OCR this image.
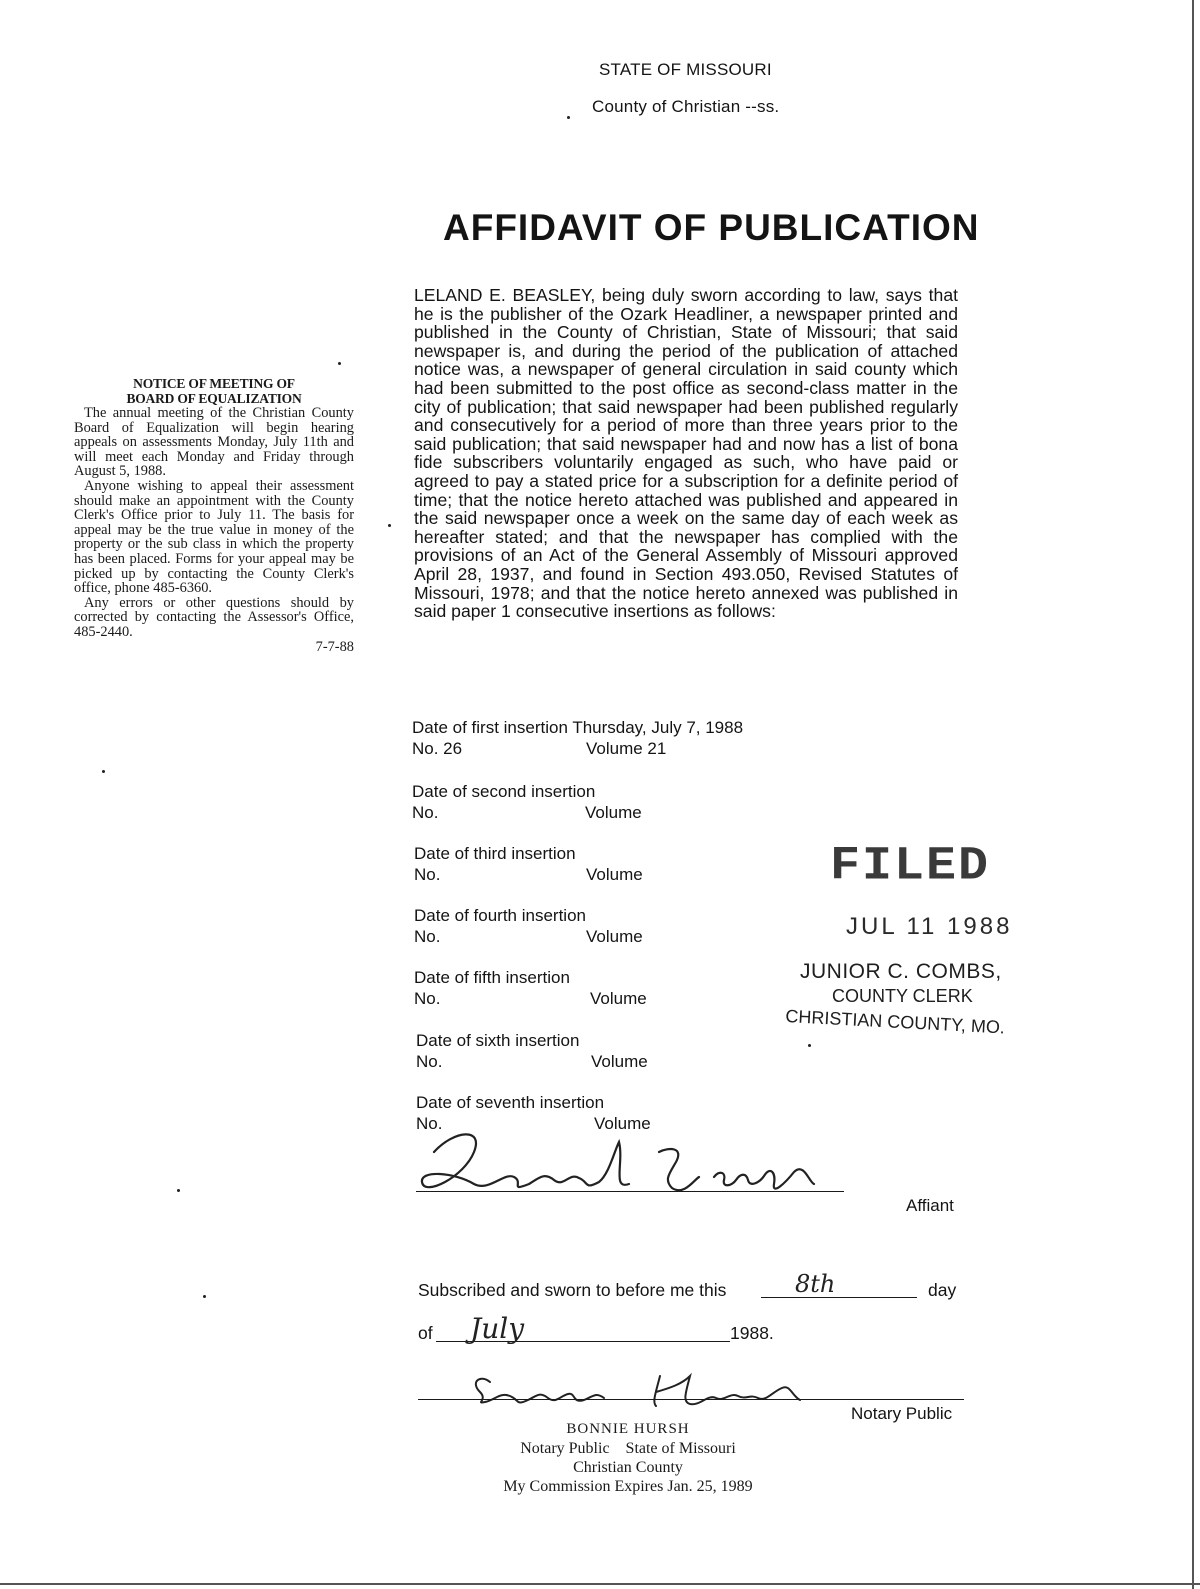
STATE OF MISSOURI
County of Christian --ss.
AFFIDAVIT OF PUBLICATION
LELAND E. BEASLEY, being duly sworn according to law, says that he is the publisher of the Ozark Headliner, a newspaper printed and published in the County of Christian, State of Missouri; that said newspaper is, and during the period of the publication of attached notice was, a newspaper of general circulation in said county which had been submitted to the post office as second-class matter in the city of publication; that said newspaper had been published regularly and consecutively for a period of more than three years prior to the said publication; that said newspaper had and now has a list of bona fide subscribers voluntarily engaged as such, who have paid or agreed to pay a stated price for a subscription for a definite period of time; that the notice hereto attached was published and appeared in the said newspaper once a week on the same day of each week as hereafter stated; and that the newspaper has complied with the provisions of an Act of the General Assembly of Missouri approved April 28, 1937, and found in Section 493.050, Revised Statutes of Missouri, 1978; and that the notice hereto annexed was published in said paper 1 consecutive insertions as follows:
Date of first insertion Thursday, July 7, 1988
No. 26	Volume 21
Date of second insertion
No.	Volume
Date of third insertion
No.	Volume
Date of fourth insertion
No.	Volume
Date of fifth insertion
No.	Volume
Date of sixth insertion
No.	Volume
Date of seventh insertion
No.	Volume
NOTICE OF MEETING OF
BOARD OF EQUALIZATION
The annual meeting of the Christian County Board of Equalization will begin hearing appeals on assessments Monday, July 11th and will meet each Monday and Friday through August 5, 1988.
Anyone wishing to appeal their assessment should make an appointment with the County Clerk's Office prior to July 11. The basis for appeal may be the true value in money of the property or the sub class in which the property has been placed. Forms for your appeal may be picked up by contacting the County Clerk's office, phone 485-6360.
Any errors or other questions should by corrected by contacting the Assessor's Office, 485-2440.
7-7-88
FILED
JUL 11 1988
JUNIOR C. COMBS,
COUNTY CLERK
CHRISTIAN COUNTY, MO.
Affiant
Subscribed and sworn to before me this	8th	day
of July	1988.
Notary Public
BONNIE HURSH
Notary Public    State of Missouri
Christian County
My Commission Expires Jan. 25, 1989
